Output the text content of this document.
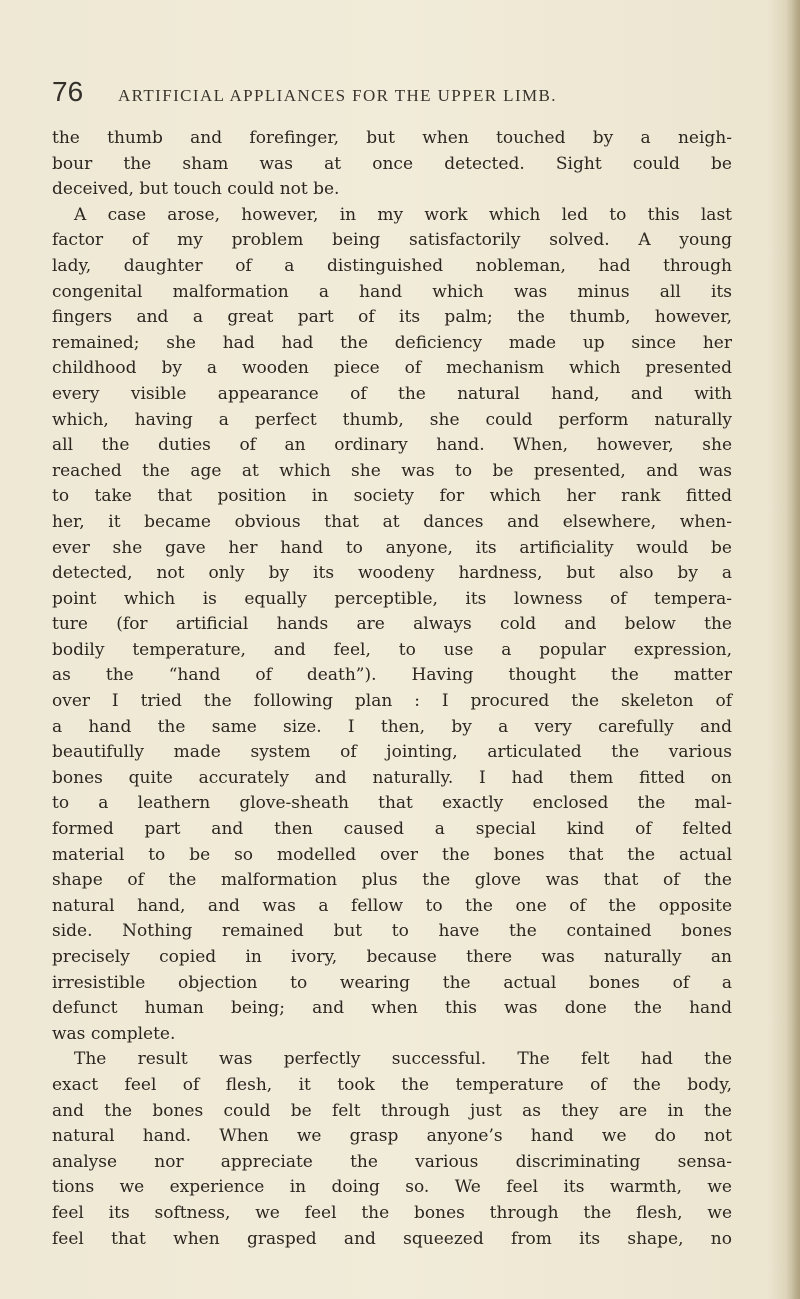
76	ARTIFICIAL APPLIANCES FOR THE UPPER LIMB.
the thumb and forefinger, but when touched by a neigh-
bour the sham was at once detected. Sight could be
deceived, but touch could not be.
A case arose, however, in my work which led to this last
factor of my problem being satisfactorily solved. A young
lady, daughter of a distinguished nobleman, had through
congenital malformation a hand which was minus all its
fingers and a great part of its palm; the thumb, however,
remained; she had had the deficiency made up since her
childhood by a wooden piece of mechanism which presented
every visible appearance of the natural hand, and with
which, having a perfect thumb, she could perform naturally
all the duties of an ordinary hand. When, however, she
reached the age at which she was to be presented, and was
to take that position in society for which her rank fitted
her, it became obvious that at dances and elsewhere, when-
ever she gave her hand to anyone, its artificiality would be
detected, not only by its woodeny hardness, but also by a
point which is equally perceptible, its lowness of tempera-
ture (for artificial hands are always cold and below the
bodily temperature, and feel, to use a popular expression,
as the “hand of death”). Having thought the matter
over I tried the following plan : I procured the skeleton of
a hand the same size. I then, by a very carefully and
beautifully made system of jointing, articulated the various
bones quite accurately and naturally. I had them fitted on
to a leathern glove-sheath that exactly enclosed the mal-
formed part and then caused a special kind of felted
material to be so modelled over the bones that the actual
shape of the malformation plus the glove was that of the
natural hand, and was a fellow to the one of the opposite
side. Nothing remained but to have the contained bones
precisely copied in ivory, because there was naturally an
irresistible objection to wearing the actual bones of a
defunct human being; and when this was done the hand
was complete.
The result was perfectly successful. The felt had the
exact feel of flesh, it took the temperature of the body,
and the bones could be felt through just as they are in the
natural hand. When we grasp anyone’s hand we do not
analyse nor appreciate the various discriminating sensa-
tions we experience in doing so. We feel its warmth, we
feel its softness, we feel the bones through the flesh, we
feel that when grasped and squeezed from its shape, no
